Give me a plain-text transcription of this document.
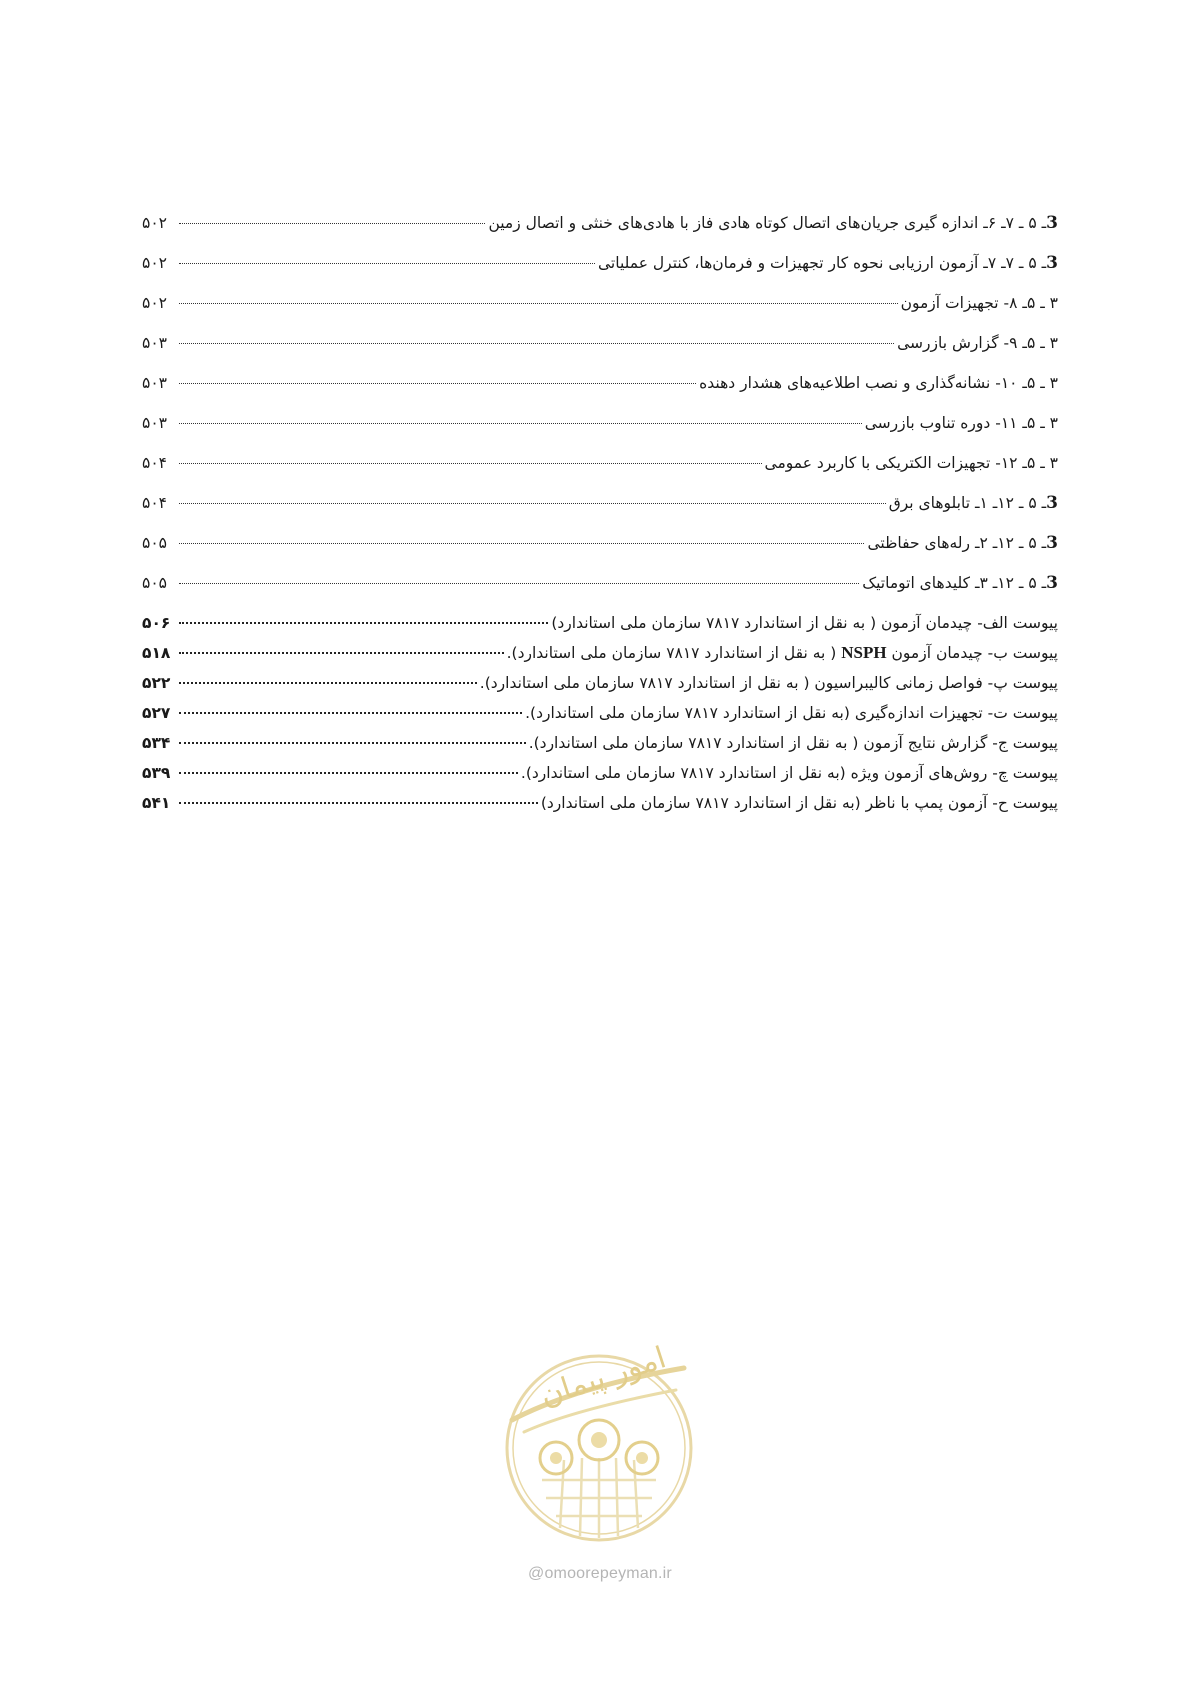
3ـ ۵ ـ ۷ـ ۶ـ اندازه گیری جریان‌های اتصال کوتاه هادی فاز با هادی‌های خنثی و اتصال زمین
۵۰۲
3ـ ۵ ـ ۷ـ ۷ـ آزمون ارزیابی نحوه کار تجهیزات و فرمان‌ها، کنترل عملیاتی
۵۰۲
۳ ـ ۵ـ ۸- تجهیزات آزمون
۵۰۲
۳ ـ ۵ـ ۹- گزارش بازرسی
۵۰۳
۳ ـ ۵ـ ۱۰- نشانه‌گذاری و نصب اطلاعیه‌های هشدار دهنده
۵۰۳
۳ ـ ۵ـ ۱۱- دوره تناوب بازرسی
۵۰۳
۳ ـ ۵ـ ۱۲- تجهیزات الکتریکی با کاربرد عمومی
۵۰۴
3ـ ۵ ـ ۱۲ـ ۱ـ تابلوهای برق
۵۰۴
3ـ ۵ ـ ۱۲ـ ۲ـ رله‌های حفاظتی
۵۰۵
3ـ ۵ ـ ۱۲ـ ۳ـ کلیدهای اتوماتیک
۵۰۵
پیوست الف- چیدمان آزمون ( به نقل از استاندارد ۷۸۱۷ سازمان ملی استاندارد)
۵۰۶
پیوست ب- چیدمان آزمون NSPH ( به نقل از استاندارد ۷۸۱۷ سازمان ملی استاندارد).
۵۱۸
پیوست پ- فواصل زمانی کالیبراسیون ( به نقل از استاندارد ۷۸۱۷ سازمان ملی استاندارد).
۵۲۲
پیوست ت- تجهیزات اندازه‌گیری (به نقل از استاندارد ۷۸۱۷ سازمان ملی استاندارد).
۵۲۷
پیوست ج- گزارش نتایج آزمون ( به نقل از استاندارد ۷۸۱۷ سازمان ملی استاندارد).
۵۳۴
پیوست چ- روش‌های آزمون ویژه (به نقل از استاندارد ۷۸۱۷ سازمان ملی استاندارد).
۵۳۹
پیوست ح- آزمون پمپ با ناظر (به نقل از استاندارد ۷۸۱۷ سازمان ملی استاندارد)
۵۴۱
امور پیمان
@omoorepeyman.ir
